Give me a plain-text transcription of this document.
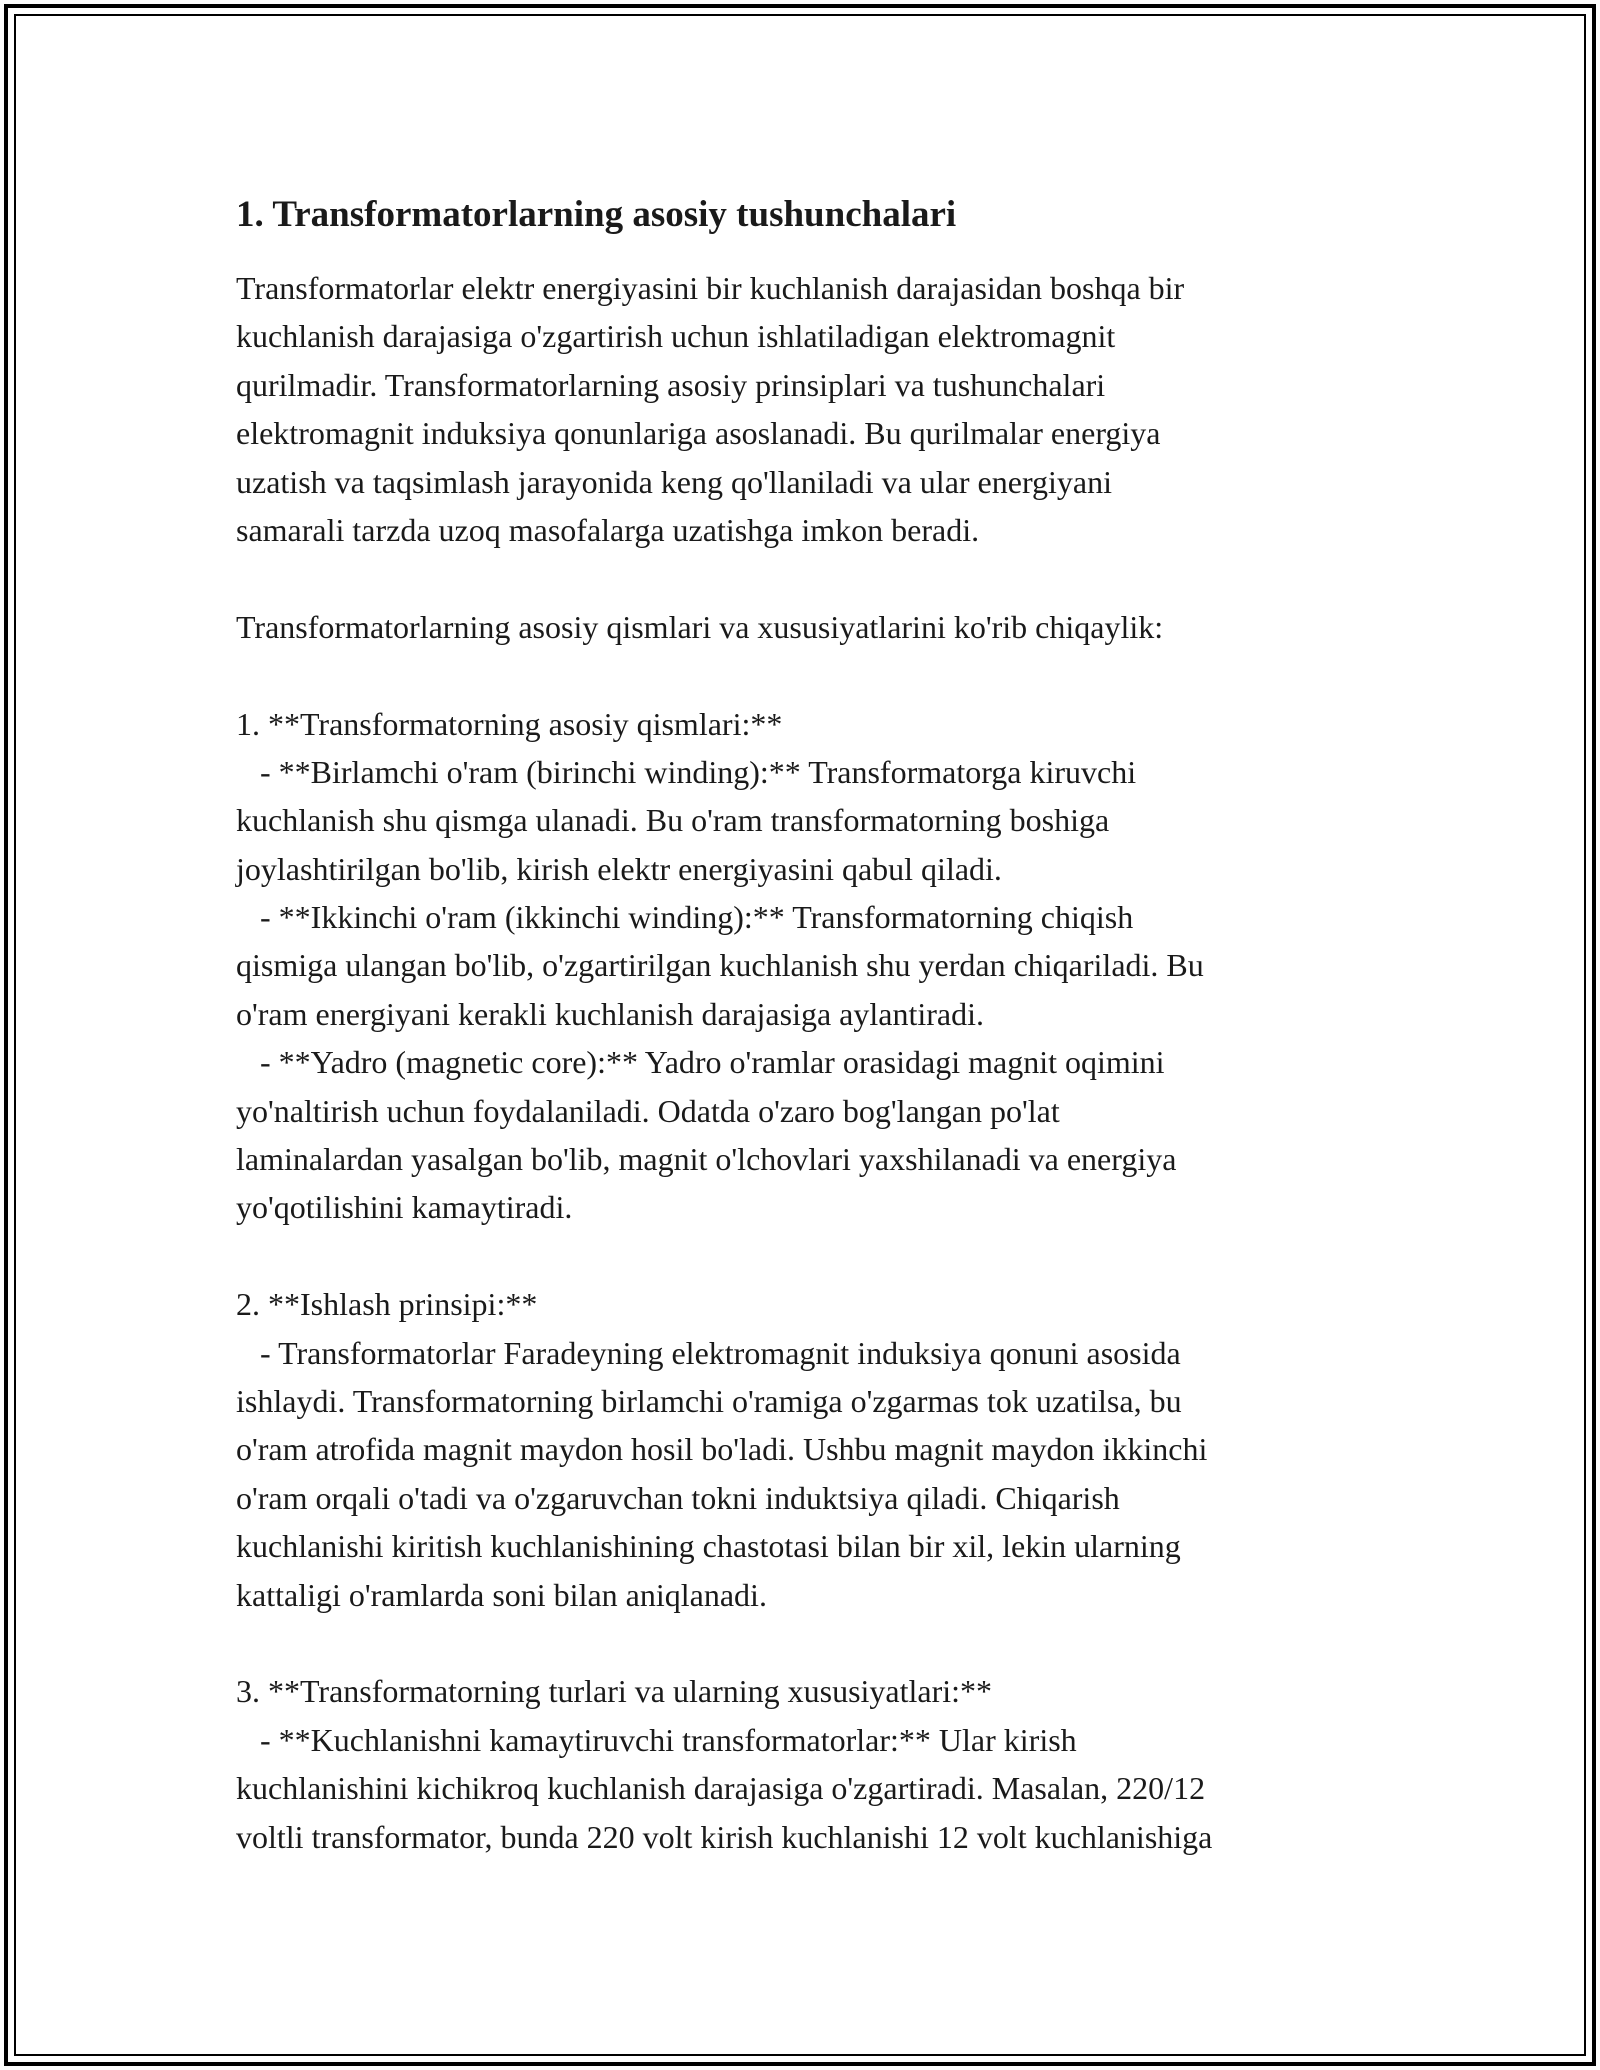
1. Transformatorlarning asosiy tushunchalari
Transformatorlar elektr energiyasini bir kuchlanish darajasidan boshqa bir
kuchlanish darajasiga o'zgartirish uchun ishlatiladigan elektromagnit
qurilmadir. Transformatorlarning asosiy prinsiplari va tushunchalari
elektromagnit induksiya qonunlariga asoslanadi. Bu qurilmalar energiya
uzatish va taqsimlash jarayonida keng qo'llaniladi va ular energiyani
samarali tarzda uzoq masofalarga uzatishga imkon beradi.
Transformatorlarning asosiy qismlari va xususiyatlarini ko'rib chiqaylik:
1. **Transformatorning asosiy qismlari:**
- **Birlamchi o'ram (birinchi winding):** Transformatorga kiruvchi
kuchlanish shu qismga ulanadi. Bu o'ram transformatorning boshiga
joylashtirilgan bo'lib, kirish elektr energiyasini qabul qiladi.
- **Ikkinchi o'ram (ikkinchi winding):** Transformatorning chiqish
qismiga ulangan bo'lib, o'zgartirilgan kuchlanish shu yerdan chiqariladi. Bu
o'ram energiyani kerakli kuchlanish darajasiga aylantiradi.
- **Yadro (magnetic core):** Yadro o'ramlar orasidagi magnit oqimini
yo'naltirish uchun foydalaniladi. Odatda o'zaro bog'langan po'lat
laminalardan yasalgan bo'lib, magnit o'lchovlari yaxshilanadi va energiya
yo'qotilishini kamaytiradi.
2. **Ishlash prinsipi:**
- Transformatorlar Faradeyning elektromagnit induksiya qonuni asosida
ishlaydi. Transformatorning birlamchi o'ramiga o'zgarmas tok uzatilsa, bu
o'ram atrofida magnit maydon hosil bo'ladi. Ushbu magnit maydon ikkinchi
o'ram orqali o'tadi va o'zgaruvchan tokni induktsiya qiladi. Chiqarish
kuchlanishi kiritish kuchlanishining chastotasi bilan bir xil, lekin ularning
kattaligi o'ramlarda soni bilan aniqlanadi.
3. **Transformatorning turlari va ularning xususiyatlari:**
- **Kuchlanishni kamaytiruvchi transformatorlar:** Ular kirish
kuchlanishini kichikroq kuchlanish darajasiga o'zgartiradi. Masalan, 220/12
voltli transformator, bunda 220 volt kirish kuchlanishi 12 volt kuchlanishiga
